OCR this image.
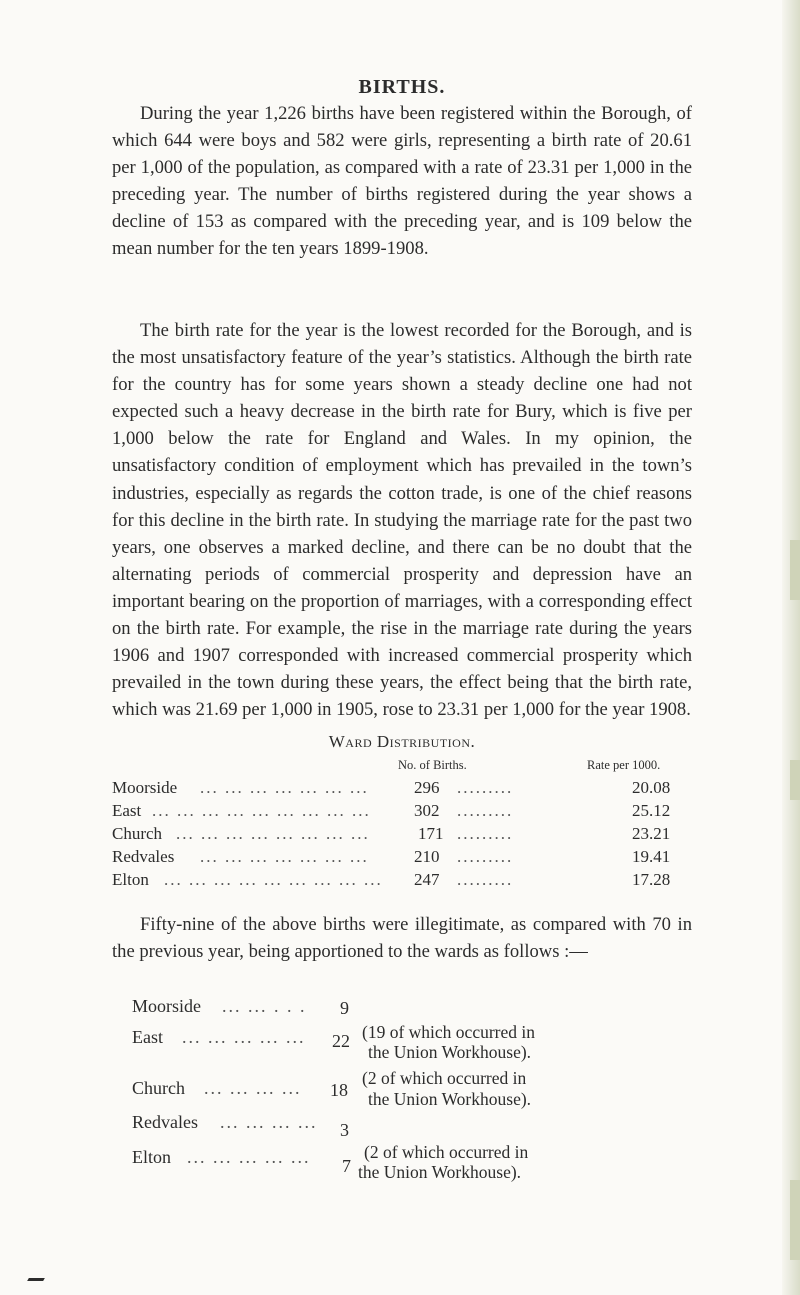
BIRTHS.

During the year 1,226 births have been registered within the Borough, of which 644 were boys and 582 were girls, representing a birth rate of 20.61 per 1,000 of the population, as compared with a rate of 23.31 per 1,000 in the preceding year. The number of births registered during the year shows a decline of 153 as compared with the preceding year, and is 109 below the mean number for the ten years 1899-1908.

The birth rate for the year is the lowest recorded for the Borough, and is the most unsatisfactory feature of the year’s statistics. Although the birth rate for the country has for some years shown a steady decline one had not expected such a heavy decrease in the birth rate for Bury, which is five per 1,000 below the rate for England and Wales. In my opinion, the unsatisfactory condition of employment which has prevailed in the town’s industries, especially as regards the cotton trade, is one of the chief reasons for this decline in the birth rate. In studying the marriage rate for the past two years, one observes a marked decline, and there can be no doubt that the alternating periods of commercial prosperity and depression have an important bearing on the proportion of marriages, with a corresponding effect on the birth rate. For example, the rise in the marriage rate during the years 1906 and 1907 corresponded with increased commercial prosperity which prevailed in the town during these years, the effect being that the birth rate, which was 21.69 per 1,000 in 1905, rose to 23.31 per 1,000 for the year 1908.

Ward Distribution.
No. of Births.	Rate per 1000.
Moorside ... ... ... ... ... ... ...	296 .........	20.08
East ... ... ... ... ... ... ... ... ...	302 .........	25.12
Church ... ... ... ... ... ... ... ...	171 .........	23.21
Redvales ... ... ... ... ... ... ...	210 .........	19.41
Elton ... ... ... ... ... ... ... ... ... 247 .........	17.28

Fifty-nine of the above births were illegitimate, as compared with 70 in the previous year, being apportioned to the wards as follows :—

Moorside ... ... . . . 9
East ... ... ... ... ... 22 (19 of which occurred in
the Union Workhouse).
Church ... ... ... ... 18
(2 of which occurred in
the Union Workhouse).
Redvales ... ... ... ... 3
Elton ... ... ... ... ... 7
(2 of which occurred in
the Union Workhouse).
